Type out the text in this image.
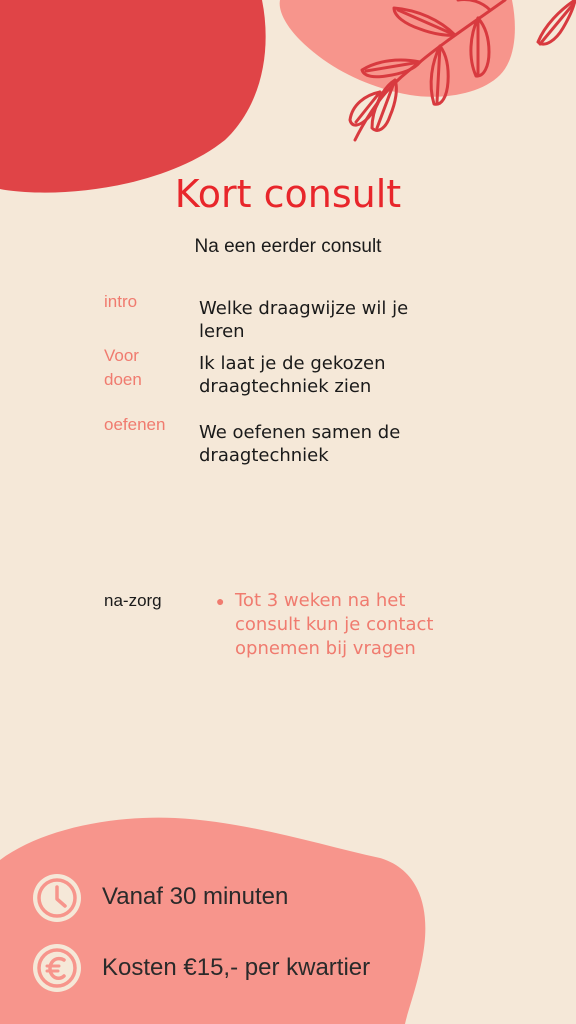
Kort consult
Na een eerder consult
intro	Welke draagwijze wil je leren
Voor doen
Ik laat je de gekozen draagtechniek zien
oefenen We oefenen samen de draagtechniek
na-zorg	● Tot 3 weken na het consult kun je contact opnemen bij vragen
Vanaf 30 minuten
Kosten €15,- per kwartier
